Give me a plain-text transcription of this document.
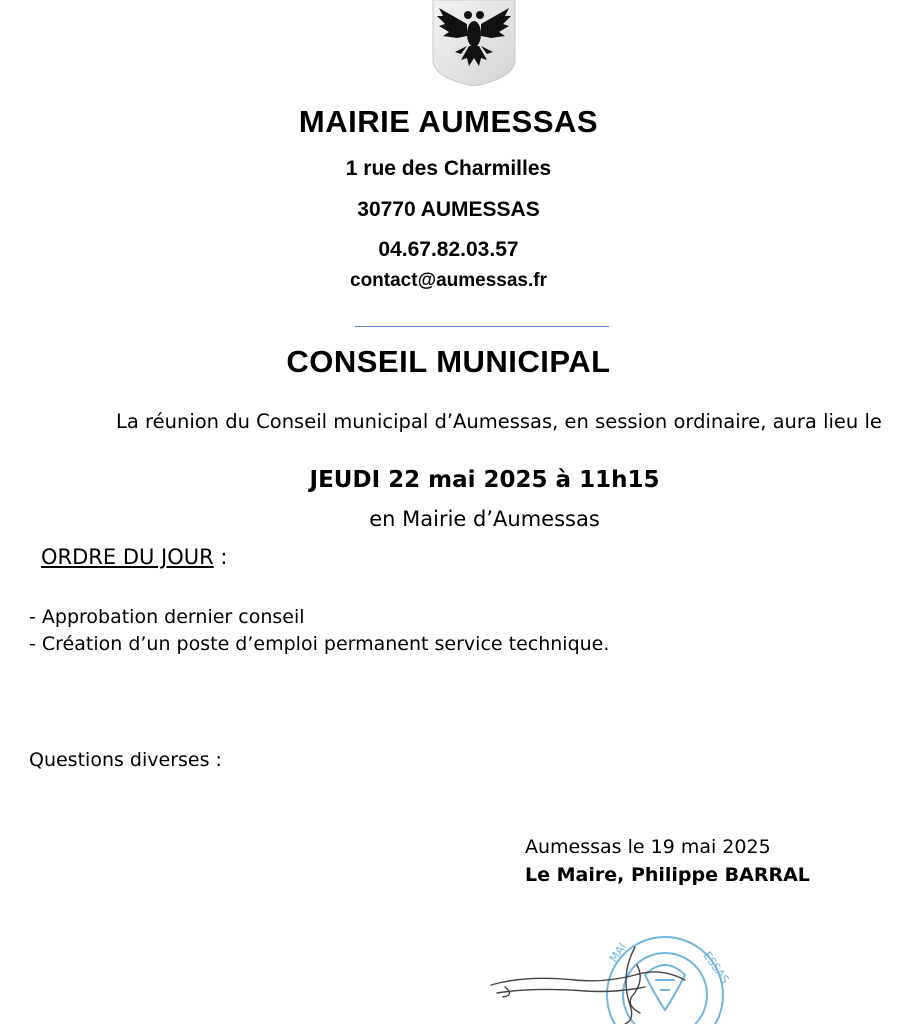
MAIRIE AUMESSAS
1 rue des Charmilles
30770 AUMESSAS
04.67.82.03.57
contact@aumessas.fr
CONSEIL MUNICIPAL
La réunion du Conseil municipal d’Aumessas, en session ordinaire, aura lieu le
JEUDI 22 mai 2025 à 11h15
en Mairie d’Aumessas
ORDRE DU JOUR :
- Approbation dernier conseil
- Création d’un poste d’emploi permanent service technique.
Questions diverses :
Aumessas le 19 mai 2025
Le Maire, Philippe BARRAL
MAI	ESSAS
